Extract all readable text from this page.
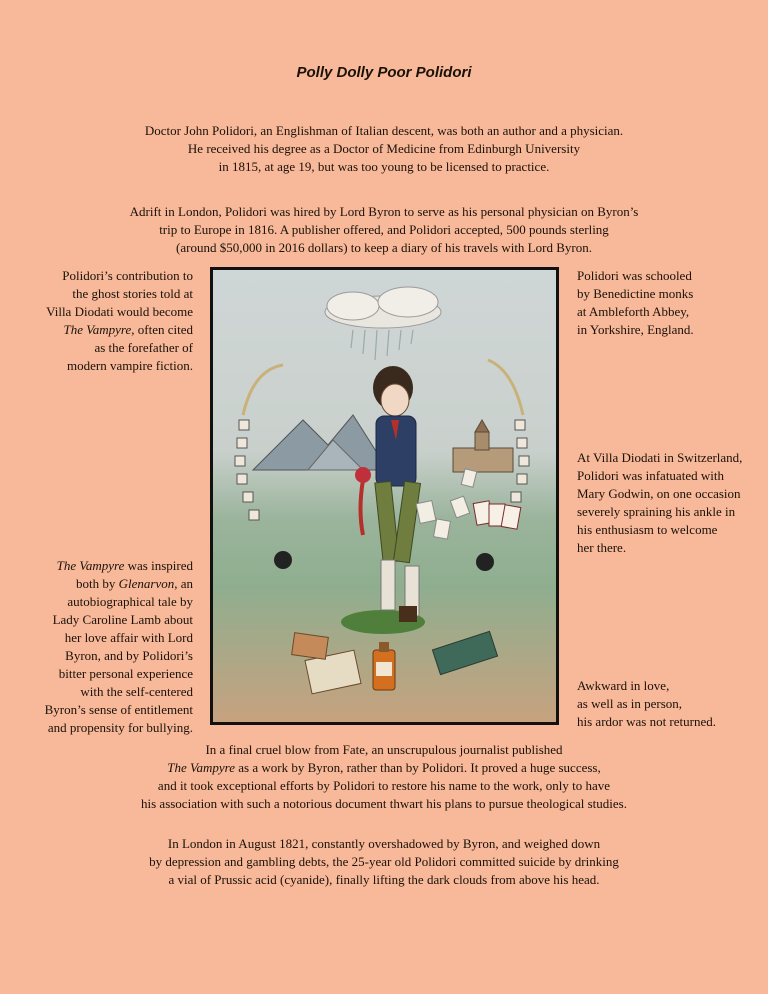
Polly Dolly Poor Polidori
Doctor John Polidori, an Englishman of Italian descent, was both an author and a physician.
He received his degree as a Doctor of Medicine from Edinburgh University
in 1815, at age 19, but was too young to be licensed to practice.
Adrift in London, Polidori was hired by Lord Byron to serve as his personal physician on Byron’s
trip to Europe in 1816. A publisher offered, and Polidori accepted, 500 pounds sterling
(around $50,000 in 2016 dollars) to keep a diary of his travels with Lord Byron.
Polidori’s contribution to
the ghost stories told at
Villa Diodati would become
The Vampyre, often cited
as the forefather of
modern vampire fiction.
The Vampyre was inspired
both by Glenarvon, an
autobiographical tale by
Lady Caroline Lamb about
her love affair with Lord
Byron, and by Polidori’s
bitter personal experience
with the self-centered
Byron’s sense of entitlement
and propensity for bullying.
Polidori was schooled
by Benedictine monks
at Ambleforth Abbey,
in Yorkshire, England.
At Villa Diodati in Switzerland,
Polidori was infatuated with
Mary Godwin, on one occasion
severely spraining his ankle in
his enthusiasm to welcome
her there.
Awkward in love,
as well as in person,
his ardor was not returned.
In a final cruel blow from Fate, an unscrupulous journalist published
The Vampyre as a work by Byron, rather than by Polidori. It proved a huge success,
and it took exceptional efforts by Polidori to restore his name to the work, only to have
his association with such a notorious document thwart his plans to pursue theological studies.
In London in August 1821, constantly overshadowed by Byron, and weighed down
by depression and gambling debts, the 25-year old Polidori committed suicide by drinking
a vial of Prussic acid (cyanide), finally lifting the dark clouds from above his head.
